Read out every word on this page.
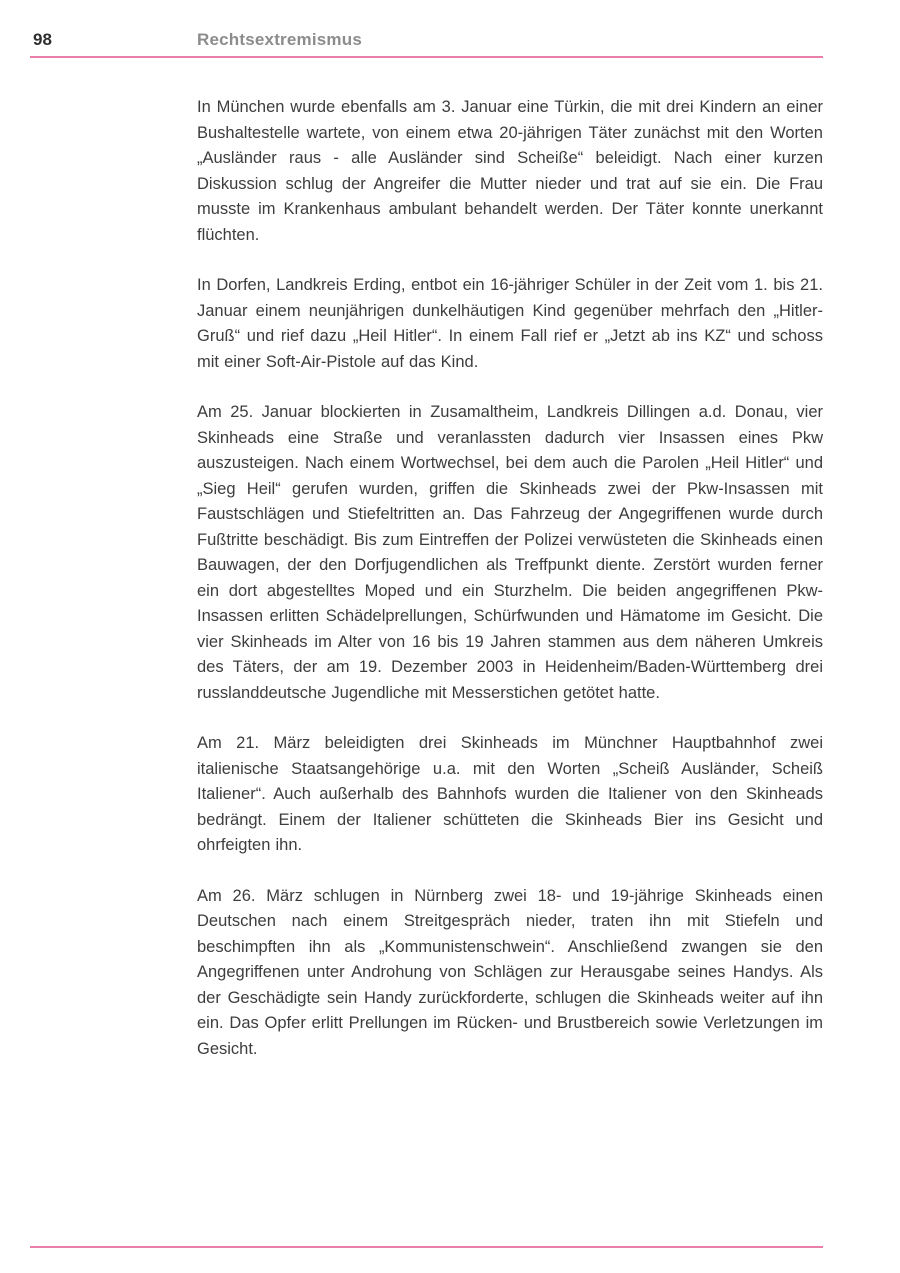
98	Rechtsextremismus

In München wurde ebenfalls am 3. Januar eine Türkin, die mit drei Kindern an einer Bushaltestelle wartete, von einem etwa 20-jährigen Täter zunächst mit den Worten „Ausländer raus - alle Ausländer sind Scheiße“ beleidigt. Nach einer kurzen Diskussion schlug der Angreifer die Mutter nieder und trat auf sie ein. Die Frau musste im Krankenhaus ambulant behandelt werden. Der Täter konnte unerkannt flüchten.

In Dorfen, Landkreis Erding, entbot ein 16-jähriger Schüler in der Zeit vom 1. bis 21. Januar einem neunjährigen dunkelhäutigen Kind gegenüber mehrfach den „Hitler-Gruß“ und rief dazu „Heil Hitler“. In einem Fall rief er „Jetzt ab ins KZ“ und schoss mit einer Soft-Air-Pistole auf das Kind.

Am 25. Januar blockierten in Zusamaltheim, Landkreis Dillingen a.d. Donau, vier Skinheads eine Straße und veranlassten dadurch vier Insassen eines Pkw auszusteigen. Nach einem Wortwechsel, bei dem auch die Parolen „Heil Hitler“ und „Sieg Heil“ gerufen wurden, griffen die Skinheads zwei der Pkw-Insassen mit Faustschlägen und Stiefeltritten an. Das Fahrzeug der Angegriffenen wurde durch Fußtritte beschädigt. Bis zum Eintreffen der Polizei verwüsteten die Skinheads einen Bauwagen, der den Dorfjugendlichen als Treffpunkt diente. Zerstört wurden ferner ein dort abgestelltes Moped und ein Sturzhelm. Die beiden angegriffenen Pkw-Insassen erlitten Schädelprellungen, Schürfwunden und Hämatome im Gesicht. Die vier Skinheads im Alter von 16 bis 19 Jahren stammen aus dem näheren Umkreis des Täters, der am 19. Dezember 2003 in Heidenheim/Baden-Württemberg drei russlanddeutsche Jugendliche mit Messerstichen getötet hatte.

Am 21. März beleidigten drei Skinheads im Münchner Hauptbahnhof zwei italienische Staatsangehörige u.a. mit den Worten „Scheiß Ausländer, Scheiß Italiener“. Auch außerhalb des Bahnhofs wurden die Italiener von den Skinheads bedrängt. Einem der Italiener schütteten die Skinheads Bier ins Gesicht und ohrfeigten ihn.

Am 26. März schlugen in Nürnberg zwei 18- und 19-jährige Skinheads einen Deutschen nach einem Streitgespräch nieder, traten ihn mit Stiefeln und beschimpften ihn als „Kommunistenschwein“. Anschließend zwangen sie den Angegriffenen unter Androhung von Schlägen zur Herausgabe seines Handys. Als der Geschädigte sein Handy zurückforderte, schlugen die Skinheads weiter auf ihn ein. Das Opfer erlitt Prellungen im Rücken- und Brustbereich sowie Verletzungen im Gesicht.
